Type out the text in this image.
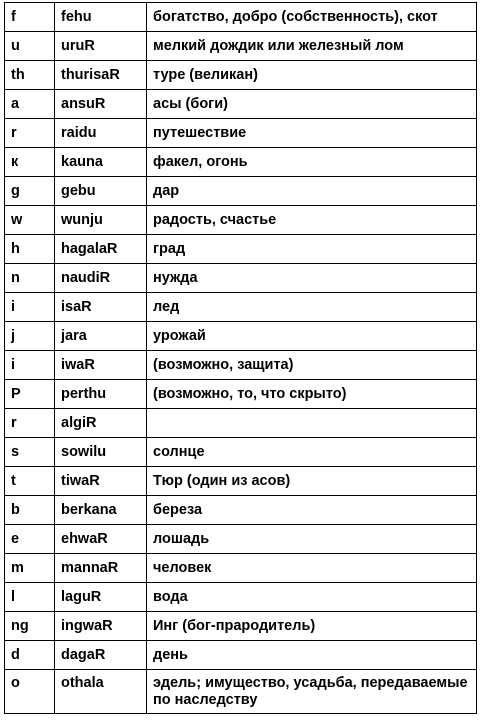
f	fehu	богатство, добро (собственность), скот
u	uruR	мелкий дождик или железный лом
th	thurisaR	туре (великан)
a	ansuR	асы (боги)
r	raidu	путешествие
к	kauna	факел, огонь
g	gebu	дар
w	wunju	радость, счастье
h	hagalaR	град
n	naudiR	нужда
i	isaR	лед
j	jara	урожай
i	iwaR	(возможно, защита)
P	perthu	(возможно, то, что скрыто)
r	algiR	
s	sowilu	солнце
t	tiwaR	Тюр (один из асов)
b	berkana	береза
e	ehwaR	лошадь
m	mannaR	человек
l	laguR	вода
ng	ingwaR	Инг (бог-прародитель)
d	dagaR	день
o	othala	эдель; имущество, усадьба, передаваемые по наследству
